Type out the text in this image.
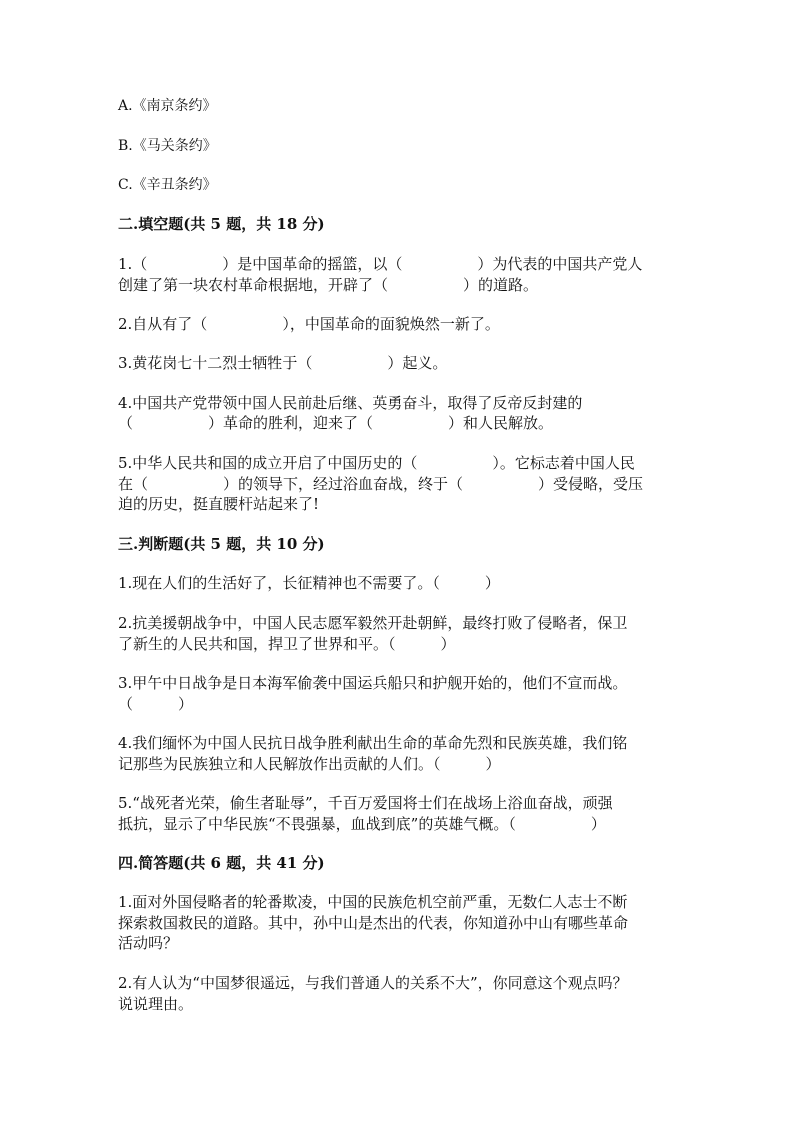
A.《南京条约》
B.《马关条约》
C.《辛丑条约》
二.填空题(共 5 题，共 18 分)
1.（　　　　　）是中国革命的摇篮，以（　　　　　）为代表的中国共产党人
创建了第一块农村革命根据地，开辟了（　　　　　）的道路。
2.自从有了（　　　　　），中国革命的面貌焕然一新了。
3.黄花岗七十二烈士牺牲于（　　　　　）起义。
4.中国共产党带领中国人民前赴后继、英勇奋斗，取得了反帝反封建的
（　　　　　）革命的胜利，迎来了（　　　　　）和人民解放。
5.中华人民共和国的成立开启了中国历史的（　　　　　）。它标志着中国人民
在（　　　　　）的领导下，经过浴血奋战，终于（　　　　　）受侵略，受压
迫的历史，挺直腰杆站起来了!
三.判断题(共 5 题，共 10 分)
1.现在人们的生活好了，长征精神也不需要了。（　　　）
2.抗美援朝战争中，中国人民志愿军毅然开赴朝鲜，最终打败了侵略者，保卫
了新生的人民共和国，捍卫了世界和平。（　　　）
3.甲午中日战争是日本海军偷袭中国运兵船只和护舰开始的，他们不宣而战。
（　　　）
4.我们缅怀为中国人民抗日战争胜利献出生命的革命先烈和民族英雄，我们铭
记那些为民族独立和人民解放作出贡献的人们。（　　　）
5.“战死者光荣，偷生者耻辱”，千百万爱国将士们在战场上浴血奋战，顽强
抵抗，显示了中华民族“不畏强暴，血战到底”的英雄气概。（　　　　　）
四.简答题(共 6 题，共 41 分)
1.面对外国侵略者的轮番欺凌，中国的民族危机空前严重，无数仁人志士不断
探索救国救民的道路。其中，孙中山是杰出的代表，你知道孙中山有哪些革命
活动吗？
2.有人认为“中国梦很遥远，与我们普通人的关系不大”，你同意这个观点吗？
说说理由。
